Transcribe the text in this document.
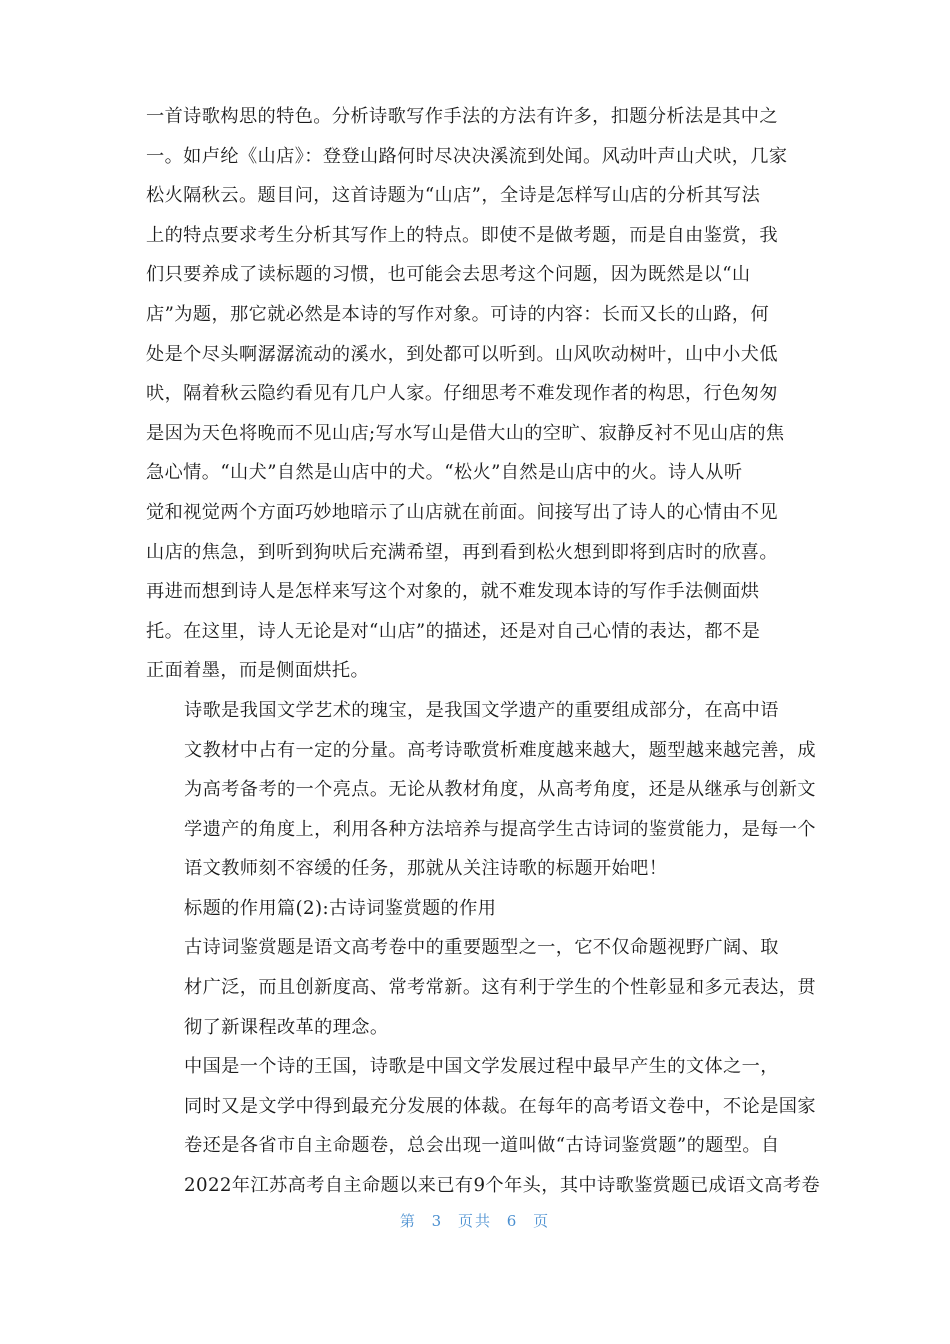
一首诗歌构思的特色。分析诗歌写作手法的方法有许多，扣题分析法是其中之
一。如卢纶《山店》：登登山路何时尽决决溪流到处闻。风动叶声山犬吠，几家
松火隔秋云。题目问，这首诗题为“山店”，全诗是怎样写山店的分析其写法
上的特点要求考生分析其写作上的特点。即使不是做考题，而是自由鉴赏，我
们只要养成了读标题的习惯，也可能会去思考这个问题，因为既然是以“山
店”为题，那它就必然是本诗的写作对象。可诗的内容：长而又长的山路，何
处是个尽头啊潺潺流动的溪水，到处都可以听到。山风吹动树叶，山中小犬低
吠，隔着秋云隐约看见有几户人家。仔细思考不难发现作者的构思，行色匆匆
是因为天色将晚而不见山店;写水写山是借大山的空旷、寂静反衬不见山店的焦
急心情。“山犬”自然是山店中的犬。“松火”自然是山店中的火。诗人从听
觉和视觉两个方面巧妙地暗示了山店就在前面。间接写出了诗人的心情由不见
山店的焦急，到听到狗吠后充满希望，再到看到松火想到即将到店时的欣喜。
再进而想到诗人是怎样来写这个对象的，就不难发现本诗的写作手法侧面烘
托。在这里，诗人无论是对“山店”的描述，还是对自己心情的表达，都不是
正面着墨，而是侧面烘托。

诗歌是我国文学艺术的瑰宝，是我国文学遗产的重要组成部分，在高中语
文教材中占有一定的分量。高考诗歌赏析难度越来越大，题型越来越完善，成
为高考备考的一个亮点。无论从教材角度，从高考角度，还是从继承与创新文
学遗产的角度上，利用各种方法培养与提高学生古诗词的鉴赏能力，是每一个
语文教师刻不容缓的任务，那就从关注诗歌的标题开始吧！

标题的作用篇(2):古诗词鉴赏题的作用

古诗词鉴赏题是语文高考卷中的重要题型之一，它不仅命题视野广阔、取
材广泛，而且创新度高、常考常新。这有利于学生的个性彰显和多元表达，贯
彻了新课程改革的理念。

中国是一个诗的王国，诗歌是中国文学发展过程中最早产生的文体之一，
同时又是文学中得到最充分发展的体裁。在每年的高考语文卷中，不论是国家
卷还是各省市自主命题卷，总会出现一道叫做“古诗词鉴赏题”的题型。自
2022年江苏高考自主命题以来已有9个年头，其中诗歌鉴赏题已成语文高考卷

第 3 页共 6 页
